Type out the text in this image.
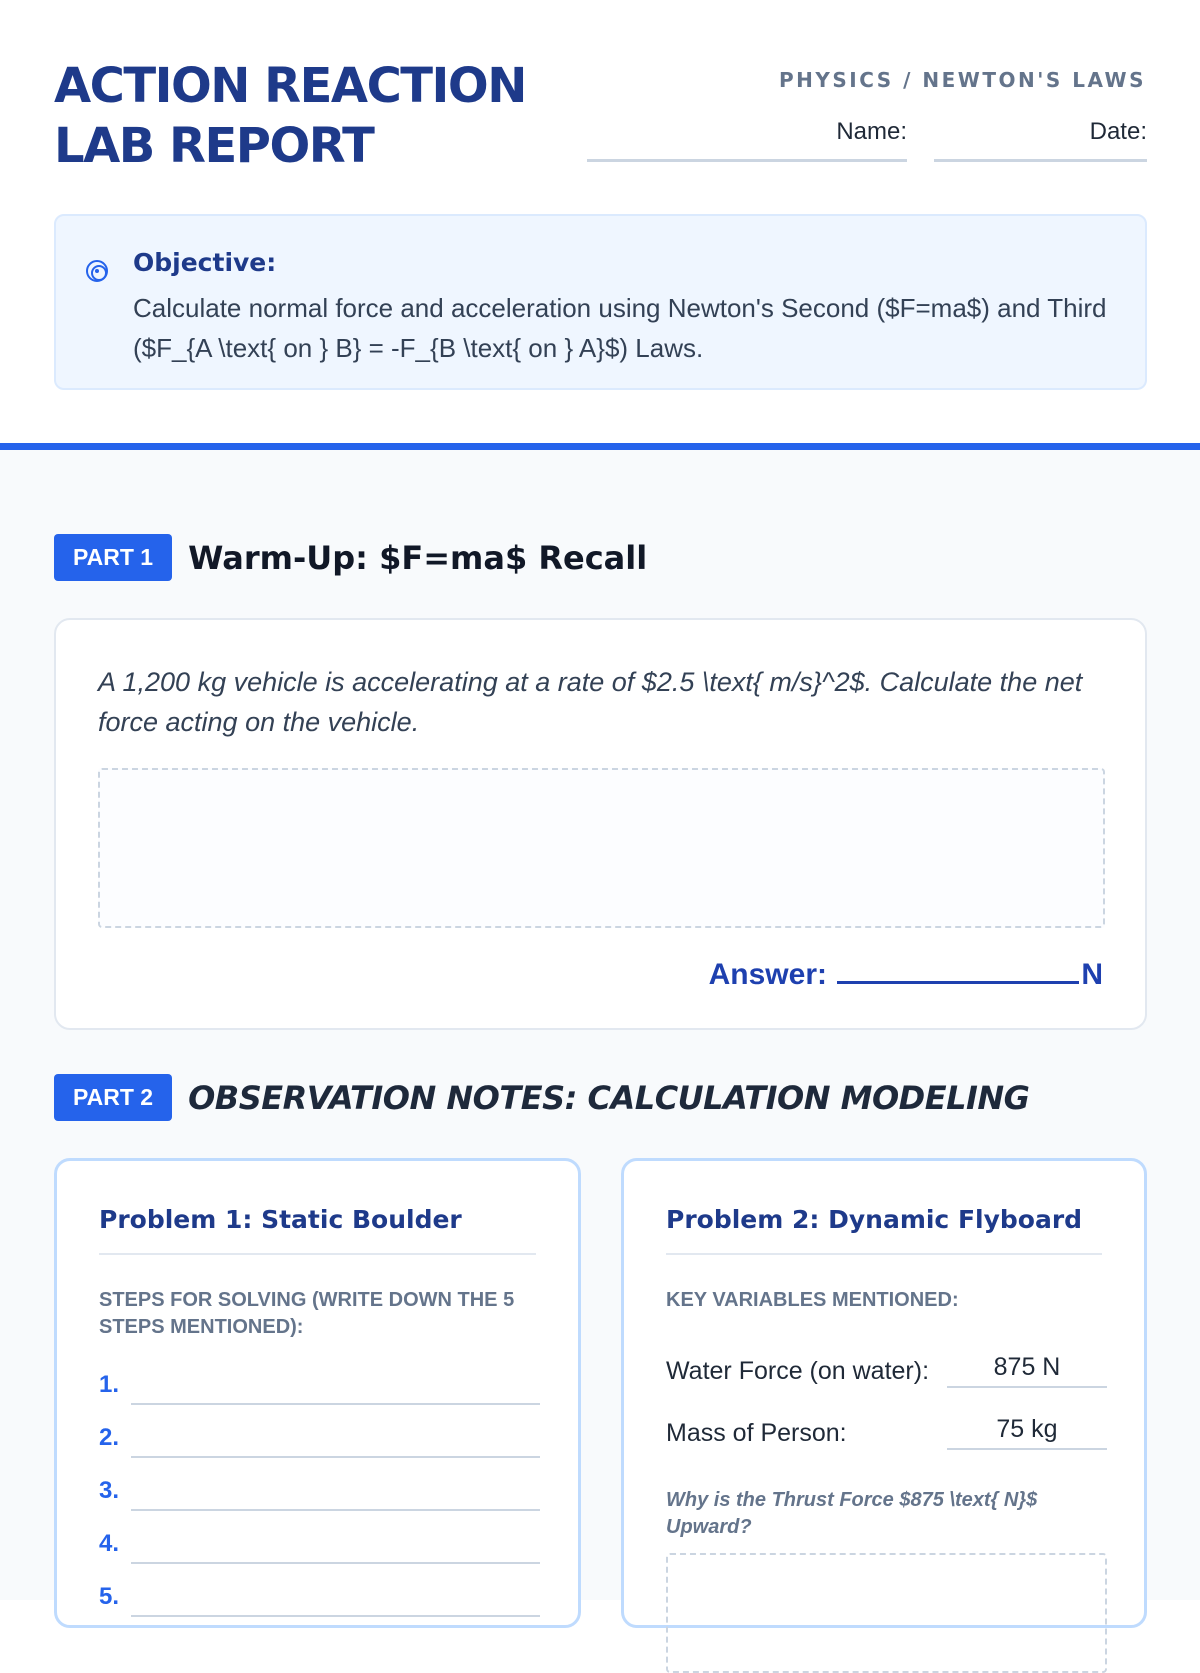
ACTION REACTION
LAB REPORT
PHYSICS / NEWTON'S LAWS
Name:	Date:
Objective:
Calculate normal force and acceleration using Newton's Second ($F=ma$) and Third ($F_{A \text{ on } B} = -F_{B \text{ on } A}$) Laws.
PART 1	Warm-Up: $F=ma$ Recall
A 1,200 kg vehicle is accelerating at a rate of $2.5 \text{ m/s}^2$. Calculate the net force acting on the vehicle.
Answer:	N
PART 2	OBSERVATION NOTES: CALCULATION MODELING
Problem 1: Static Boulder
STEPS FOR SOLVING (WRITE DOWN THE 5 STEPS MENTIONED):
1.
2.
3.
4.
5.
Problem 2: Dynamic Flyboard
KEY VARIABLES MENTIONED:
Water Force (on water):	875 N
Mass of Person:	75 kg
Why is the Thrust Force $875 \text{ N}$ Upward?
